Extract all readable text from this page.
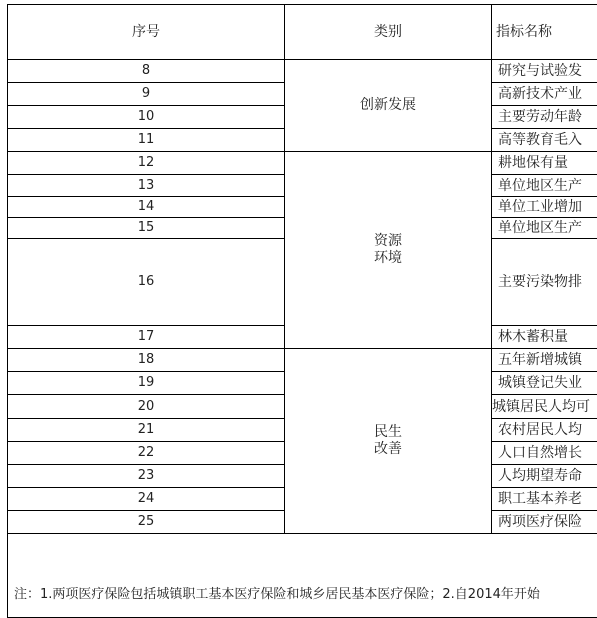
序号	类别	指标名称
8
9
10
11
12
13
14
15
16
17
18
19
20
21
22
23
24
25
创新发展
资源
环境
民生
改善
研究与试验发
高新技术产业
主要劳动年龄
高等教育毛入
耕地保有量
单位地区生产
单位工业增加
单位地区生产
主要污染物排
林木蓄积量
五年新增城镇
城镇登记失业
城镇居民人均可
农村居民人均
人口自然增长
人均期望寿命
职工基本养老
两项医疗保险
注：1.两项医疗保险包括城镇职工基本医疗保险和城乡居民基本医疗保险；2.自2014年开始
